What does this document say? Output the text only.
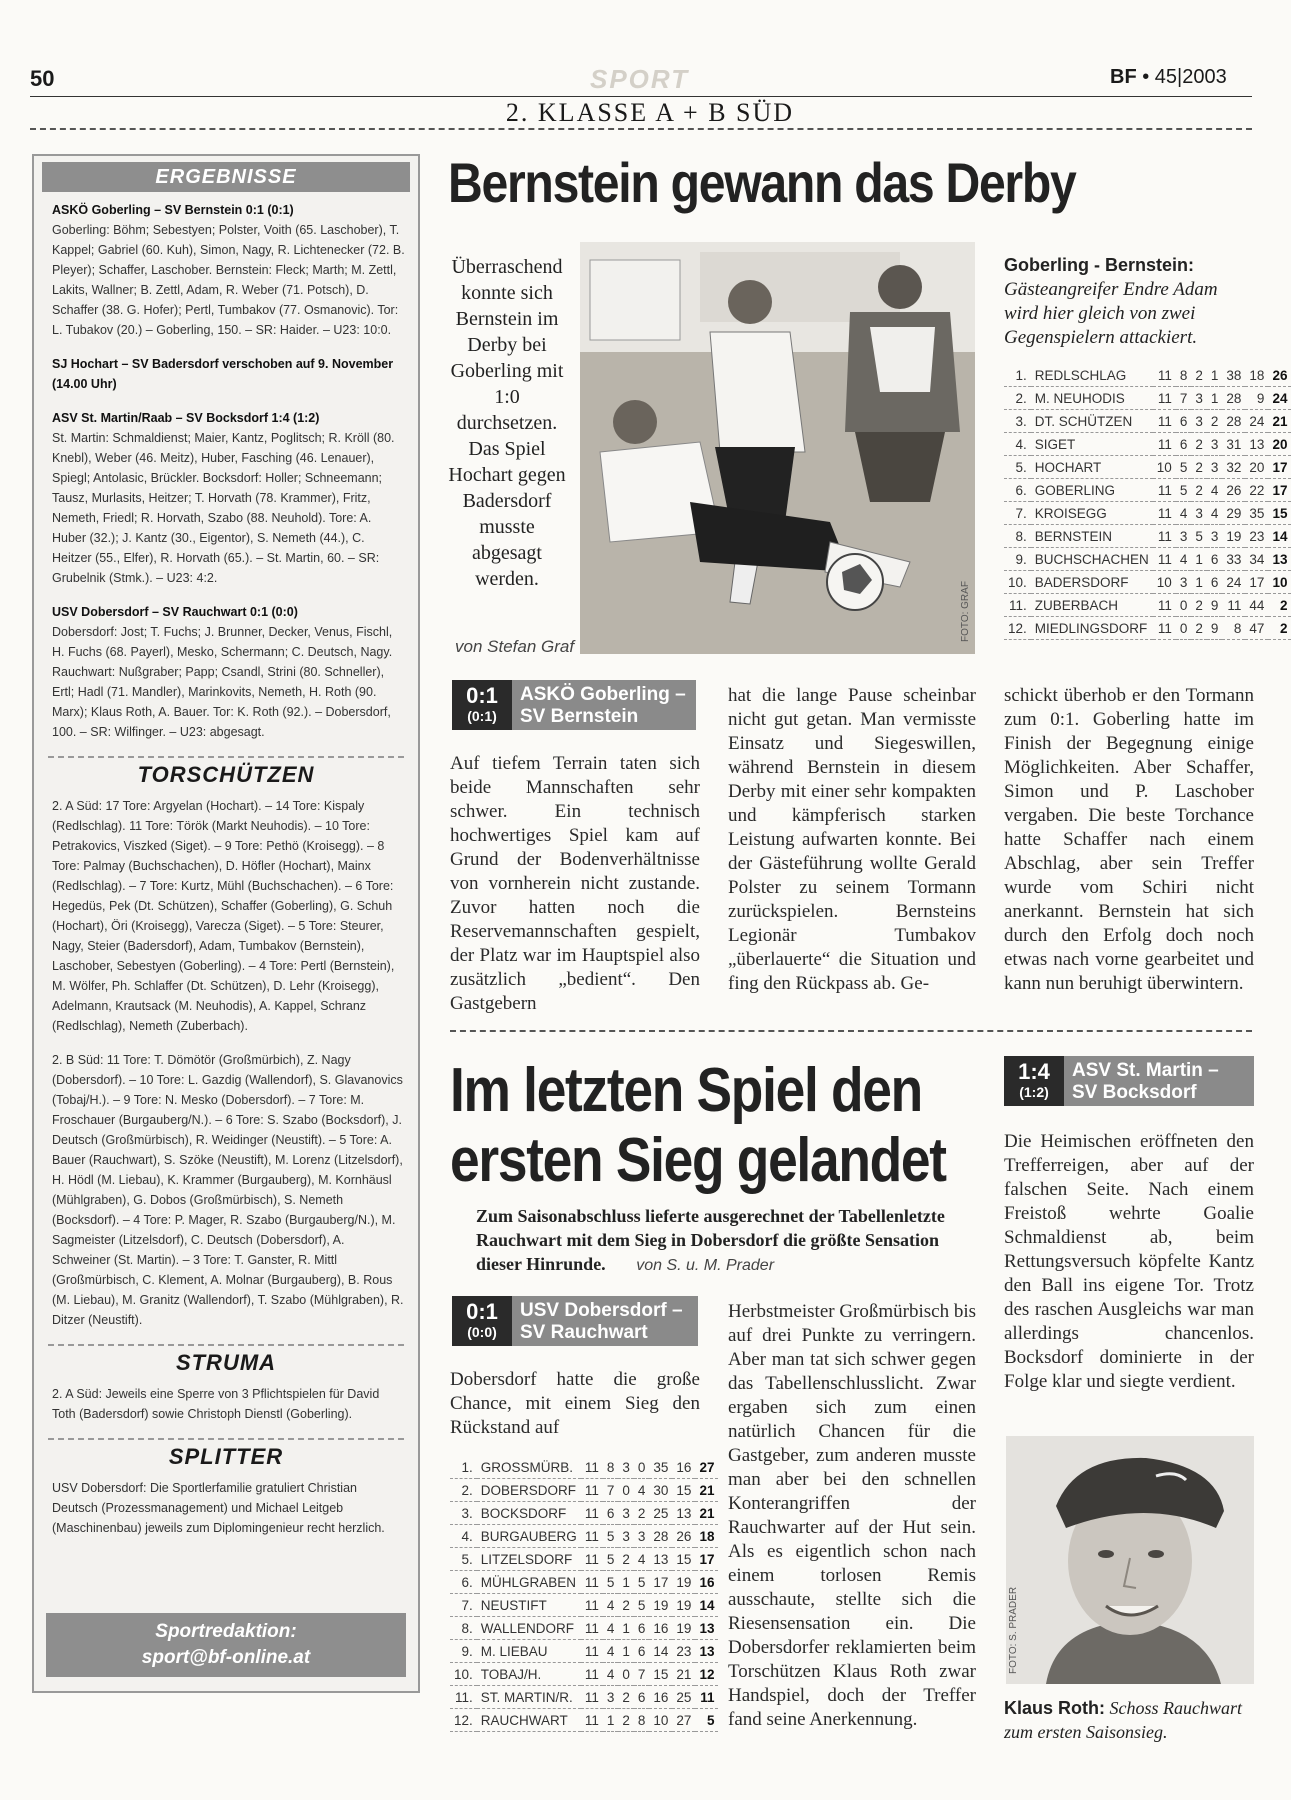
50	SPORT	BF • 45|2003
2. KLASSE A + B SÜD
ERGEBNISSE

ASKÖ Goberling – SV Bernstein 0:1 (0:1)
Goberling: Böhm; Sebestyen; Polster, Voith (65. Laschober), T. Kappel; Gabriel (60. Kuh), Simon, Nagy, R. Lichtenecker (72. B. Pleyer); Schaffer, Laschober. Bernstein: Fleck; Marth; M. Zettl, Lakits, Wallner; B. Zettl, Adam, R. Weber (71. Potsch), D. Schaffer (38. G. Hofer); Pertl, Tumbakov (77. Osmanovic). Tor: L. Tubakov (20.) – Goberling, 150. – SR: Haider. – U23: 10:0.

SJ Hochart – SV Badersdorf verschoben auf 9. November (14.00 Uhr)

ASV St. Martin/Raab – SV Bocksdorf 1:4 (1:2)
St. Martin: Schmaldienst; Maier, Kantz, Poglitsch; R. Kröll (80. Knebl), Weber (46. Meitz), Huber, Fasching (46. Lenauer), Spiegl; Antolasic, Brückler. Bocksdorf: Holler; Schneemann; Tausz, Murlasits, Heitzer; T. Horvath (78. Krammer), Fritz, Nemeth, Friedl; R. Horvath, Szabo (88. Neuhold). Tore: A. Huber (32.); J. Kantz (30., Eigentor), S. Nemeth (44.), C. Heitzer (55., Elfer), R. Horvath (65.). – St. Martin, 60. – SR: Grubelnik (Stmk.). – U23: 4:2.

USV Dobersdorf – SV Rauchwart 0:1 (0:0)
Dobersdorf: Jost; T. Fuchs; J. Brunner, Decker, Venus, Fischl, H. Fuchs (68. Payerl), Mesko, Schermann; C. Deutsch, Nagy. Rauchwart: Nußgraber; Papp; Csandl, Strini (80. Schneller), Ertl; Hadl (71. Mandler), Marinkovits, Nemeth, H. Roth (90. Marx); Klaus Roth, A. Bauer. Tor: K. Roth (92.). – Dobersdorf, 100. – SR: Wilfinger. – U23: abgesagt.

TORSCHÜTZEN

2. A Süd: 17 Tore: Argyelan (Hochart). – 14 Tore: Kispaly (Redlschlag). 11 Tore: Török (Markt Neuhodis). – 10 Tore: Petrakovics, Viszked (Siget). – 9 Tore: Pethö (Kroisegg). – 8 Tore: Palmay (Buchschachen), D. Höfler (Hochart), Mainx (Redlschlag). – 7 Tore: Kurtz, Mühl (Buchschachen). – 6 Tore: Hegedüs, Pek (Dt. Schützen), Schaffer (Goberling), G. Schuh (Hochart), Öri (Kroisegg), Varecza (Siget). – 5 Tore: Steurer, Nagy, Steier (Badersdorf), Adam, Tumbakov (Bernstein), Laschober, Sebestyen (Goberling). – 4 Tore: Pertl (Bernstein), M. Wölfer, Ph. Schlaffer (Dt. Schützen), D. Lehr (Kroisegg), Adelmann, Krautsack (M. Neuhodis), A. Kappel, Schranz (Redlschlag), Nemeth (Zuberbach).

2. B Süd: 11 Tore: T. Dömötör (Großmürbich), Z. Nagy (Dobersdorf). – 10 Tore: L. Gazdig (Wallendorf), S. Glavanovics (Tobaj/H.). – 9 Tore: N. Mesko (Dobersdorf). – 7 Tore: M. Froschauer (Burgauberg/N.). – 6 Tore: S. Szabo (Bocksdorf), J. Deutsch (Großmürbisch), R. Weidinger (Neustift). – 5 Tore: A. Bauer (Rauchwart), S. Szöke (Neustift), M. Lorenz (Litzelsdorf), H. Hödl (M. Liebau), K. Krammer (Burgauberg), M. Kornhäusl (Mühlgraben), G. Dobos (Großmürbisch), S. Nemeth (Bocksdorf). – 4 Tore: P. Mager, R. Szabo (Burgauberg/N.), M. Sagmeister (Litzelsdorf), C. Deutsch (Dobersdorf), A. Schweiner (St. Martin). – 3 Tore: T. Ganster, R. Mittl (Großmürbisch, C. Klement, A. Molnar (Burgauberg), B. Rous (M. Liebau), M. Granitz (Wallendorf), T. Szabo (Mühlgraben), R. Ditzer (Neustift).

STRUMA

2. A Süd: Jeweils eine Sperre von 3 Pflichtspielen für David Toth (Badersdorf) sowie Christoph Dienstl (Goberling).

SPLITTER

USV Dobersdorf: Die Sportlerfamilie gratuliert Christian Deutsch (Prozessmanagement) und Michael Leitgeb (Maschinenbau) jeweils zum Diplomingenieur recht herzlich.

Sportredaktion:
sport@bf-online.at
Bernstein gewann das Derby
Überraschend konnte sich Bernstein im Derby bei Goberling mit 1:0 durchsetzen. Das Spiel Hochart gegen Badersdorf musste abgesagt werden.
von Stefan Graf
FOTO: GRAF
Goberling - Bernstein:
Gästeangreifer Endre Adam wird hier gleich von zwei Gegenspielern attackiert.
1.	REDLSCHLAG	11	8	2	1	38	18	26
2.	M. NEUHODIS	11	7	3	1	28	9	24
3.	DT. SCHÜTZEN	11	6	3	2	28	24	21
4.	SIGET	11	6	2	3	31	13	20
5.	HOCHART	10	5	2	3	32	20	17
6.	GOBERLING	11	5	2	4	26	22	17
7.	KROISEGG	11	4	3	4	29	35	15
8.	BERNSTEIN	11	3	5	3	19	23	14
9.	BUCHSCHACHEN	11	4	1	6	33	34	13
10.	BADERSDORF	10	3	1	6	24	17	10
11.	ZUBERBACH	11	0	2	9	11	44	2
12.	MIEDLINGSDORF	11	0	2	9	8	47	2
0:1
(0:1)
ASKÖ Goberling –
SV Bernstein
Auf tiefem Terrain taten sich beide Mannschaften sehr schwer. Ein technisch hochwertiges Spiel kam auf Grund der Bodenverhältnisse von vornherein nicht zustande. Zuvor hatten noch die Reservemannschaften gespielt, der Platz war im Hauptspiel also zusätzlich „bedient“. Den Gastgebern
hat die lange Pause scheinbar nicht gut getan. Man vermisste Einsatz und Siegeswillen, während Bernstein in diesem Derby mit einer sehr kompakten und kämpferisch starken Leistung aufwarten konnte. Bei der Gästeführung wollte Gerald Polster zu seinem Tormann zurückspielen. Bernsteins Legionär Tumbakov „überlauerte“ die Situation und fing den Rückpass ab. Ge-
schickt überhob er den Tormann zum 0:1. Goberling hatte im Finish der Begegnung einige Möglichkeiten. Aber Schaffer, Simon und P. Laschober vergaben. Die beste Torchance hatte Schaffer nach einem Abschlag, aber sein Treffer wurde vom Schiri nicht anerkannt. Bernstein hat sich durch den Erfolg doch noch etwas nach vorne gearbeitet und kann nun beruhigt überwintern.
Im letzten Spiel den
ersten Sieg gelandet
Zum Saisonabschluss lieferte ausgerechnet der Tabellenletzte Rauchwart mit dem Sieg in Dobersdorf die größte Sensation dieser Hinrunde. von S. u. M. Prader
0:1
(0:0)
USV Dobersdorf –
SV Rauchwart
Dobersdorf hatte die große Chance, mit einem Sieg den Rückstand auf
1.	GROSSMÜRB.	11	8	3	0	35	16	27
2.	DOBERSDORF	11	7	0	4	30	15	21
3.	BOCKSDORF	11	6	3	2	25	13	21
4.	BURGAUBERG	11	5	3	3	28	26	18
5.	LITZELSDORF	11	5	2	4	13	15	17
6.	MÜHLGRABEN	11	5	1	5	17	19	16
7.	NEUSTIFT	11	4	2	5	19	19	14
8.	WALLENDORF	11	4	1	6	16	19	13
9.	M. LIEBAU	11	4	1	6	14	23	13
10.	TOBAJ/H.	11	4	0	7	15	21	12
11.	ST. MARTIN/R.	11	3	2	6	16	25	11
12.	RAUCHWART	11	1	2	8	10	27	5
Herbstmeister Großmürbisch bis auf drei Punkte zu verringern. Aber man tat sich schwer gegen das Tabellenschlusslicht. Zwar ergaben sich zum einen natürlich Chancen für die Gastgeber, zum anderen musste man aber bei den schnellen Konterangriffen der Rauchwarter auf der Hut sein. Als es eigentlich schon nach einem torlosen Remis ausschaute, stellte sich die Riesensensation ein. Die Dobersdorfer reklamierten beim Torschützen Klaus Roth zwar Handspiel, doch der Treffer fand seine Anerkennung.
1:4
(1:2)
ASV St. Martin –
SV Bocksdorf
Die Heimischen eröffneten den Trefferreigen, aber auf der falschen Seite. Nach einem Freistoß wehrte Goalie Schmaldienst ab, beim Rettungsversuch köpfelte Kantz den Ball ins eigene Tor. Trotz des raschen Ausgleichs war man allerdings chancenlos. Bocksdorf dominierte in der Folge klar und siegte verdient.
FOTO: S. PRADER
Klaus Roth: Schoss Rauchwart zum ersten Saisonsieg.
